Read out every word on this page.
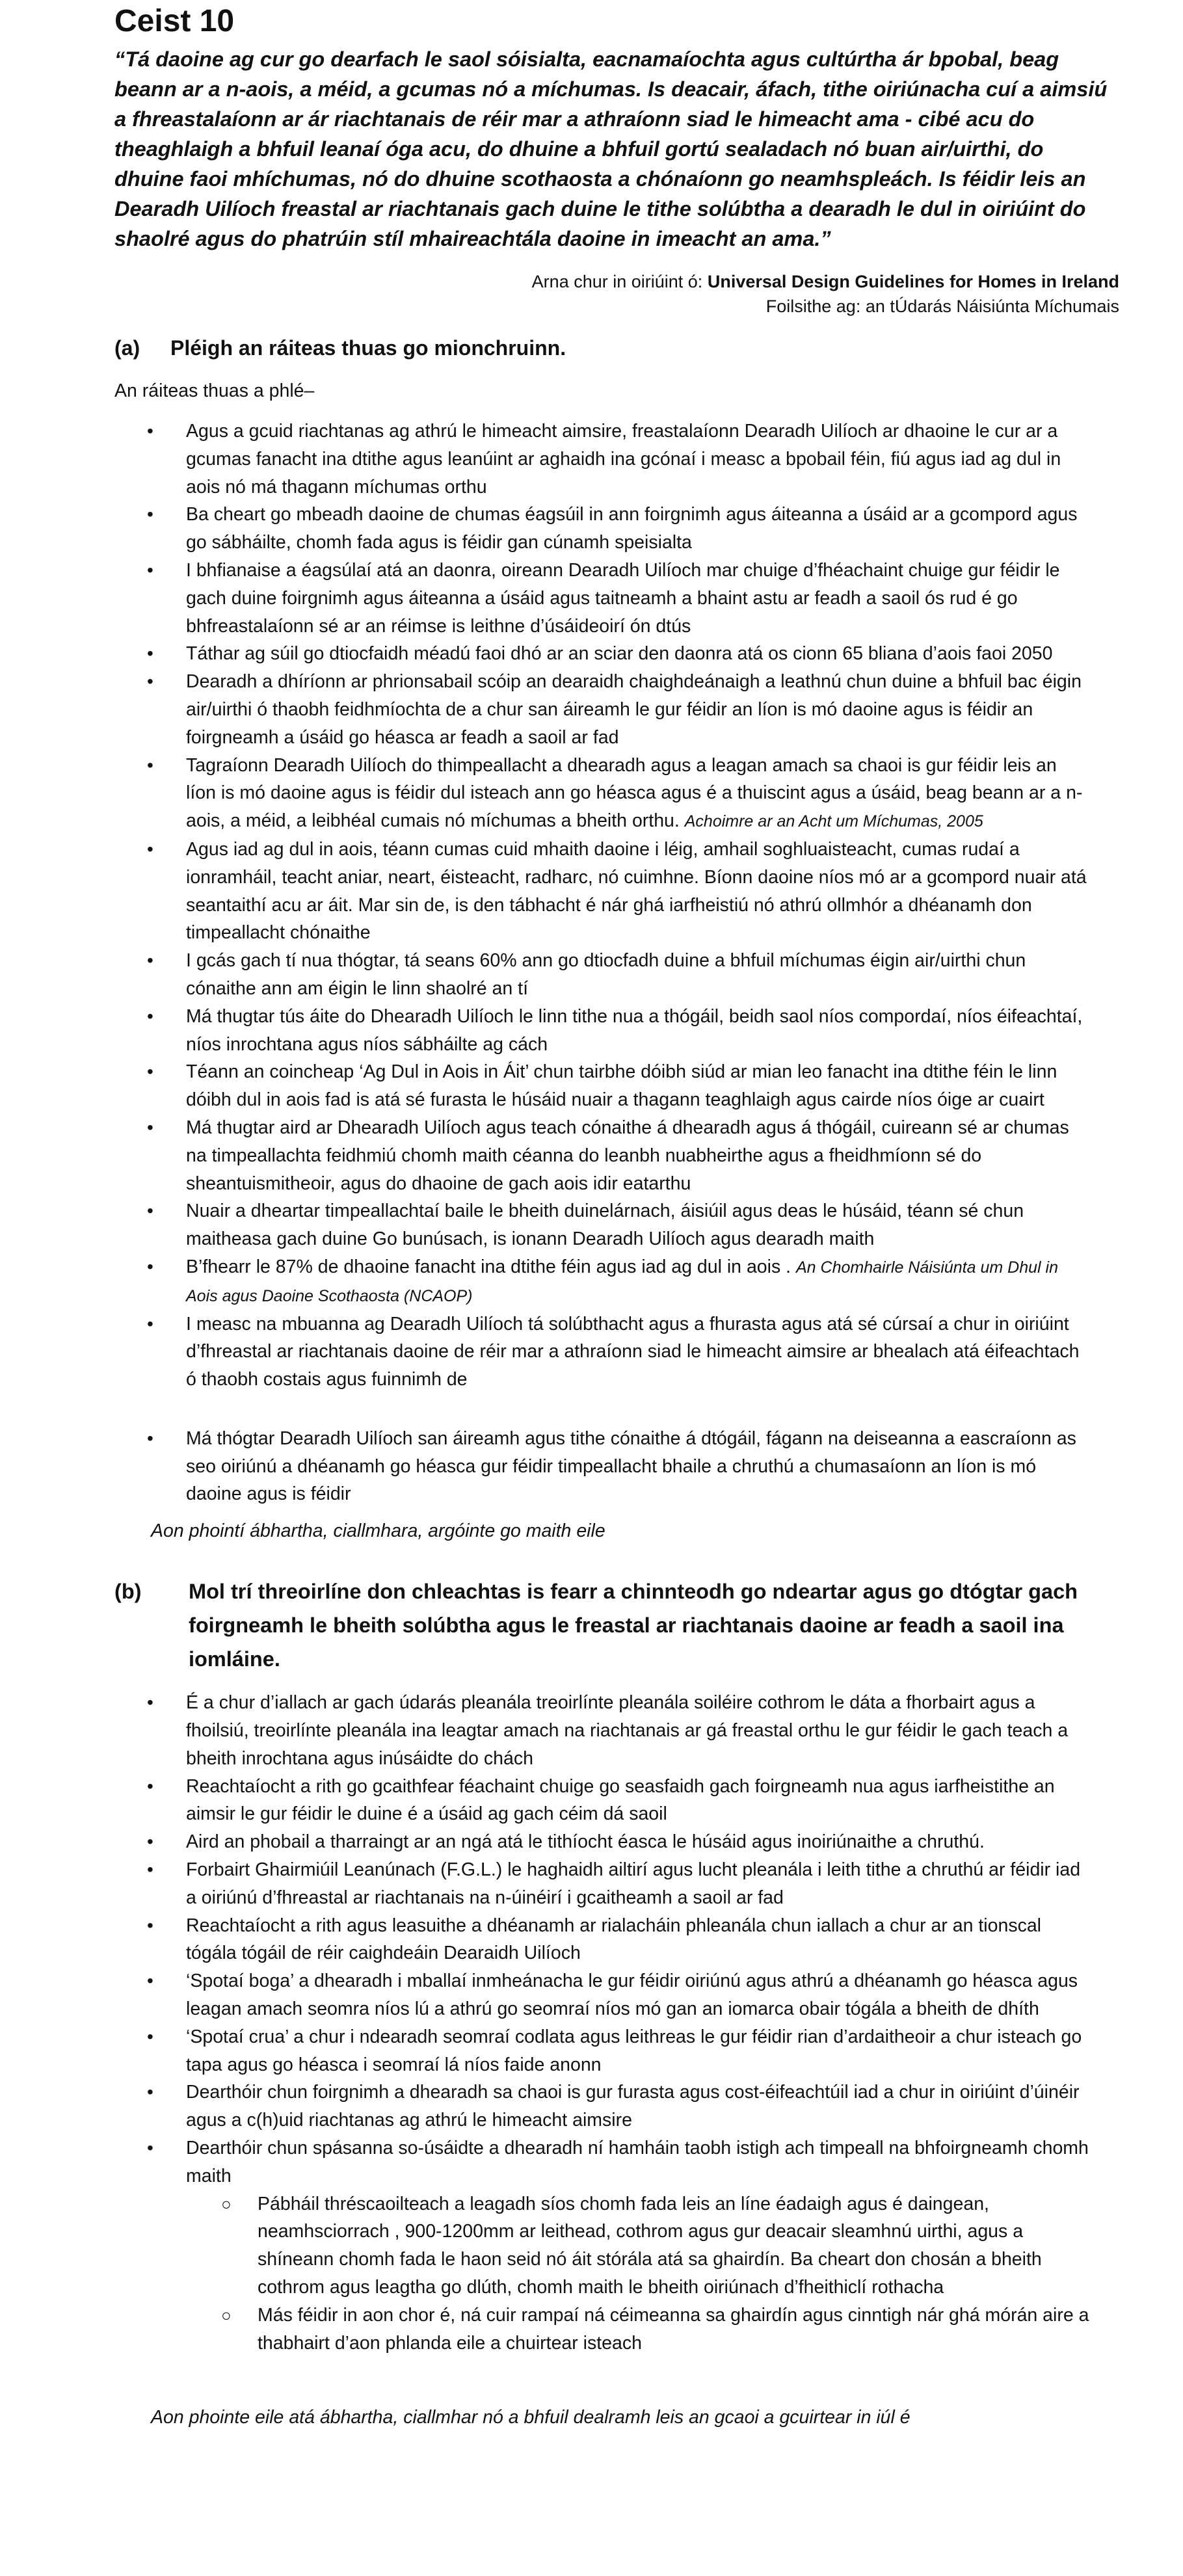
Ceist 10
“Tá daoine ag cur go dearfach le saol sóisialta, eacnamaíochta agus cultúrtha ár bpobal, beag beann ar a n-aois, a méid, a gcumas nó a míchumas. Is deacair, áfach, tithe oiriúnacha cuí a aimsiú a fhreastalaíonn ar ár riachtanais de réir mar a athraíonn siad le himeacht ama - cibé acu do theaghlaigh a bhfuil leanaí óga acu, do dhuine a bhfuil gortú sealadach nó buan air/uirthi, do dhuine faoi mhíchumas, nó do dhuine scothaosta a chónaíonn go neamhspleách. Is féidir leis an Dearadh Uilíoch freastal ar riachtanais gach duine le tithe solúbtha a dearadh le dul in oiriúint do shaolré agus do phatrúin stíl mhaireachtála daoine in imeacht an ama.”
Arna chur in oiriúint ó: Universal Design Guidelines for Homes in Ireland
Foilsithe ag: an tÚdarás Náisiúnta Míchumais
(a)	Pléigh an ráiteas thuas go mionchruinn.
An ráiteas thuas a phlé–
• Agus a gcuid riachtanas ag athrú le himeacht aimsire, freastalaíonn Dearadh Uilíoch ar dhaoine le cur ar a gcumas fanacht ina dtithe agus leanúint ar aghaidh ina gcónaí i measc a bpobail féin, fiú agus iad ag dul in aois nó má thagann míchumas orthu
• Ba cheart go mbeadh daoine de chumas éagsúil in ann foirgnimh agus áiteanna a úsáid ar a gcompord agus go sábháilte, chomh fada agus is féidir gan cúnamh speisialta
• I bhfianaise a éagsúlaí atá an daonra, oireann Dearadh Uilíoch mar chuige d’fhéachaint chuige gur féidir le gach duine foirgnimh agus áiteanna a úsáid agus taitneamh a bhaint astu ar feadh a saoil ós rud é go bhfreastalaíonn sé ar an réimse is leithne d’úsáideoirí ón dtús
• Táthar ag súil go dtiocfaidh méadú faoi dhó ar an sciar den daonra atá os cionn 65 bliana d’aois faoi 2050
• Dearadh a dhíríonn ar phrionsabail scóip an dearaidh chaighdeánaigh a leathnú chun duine a bhfuil bac éigin air/uirthi ó thaobh feidhmíochta de a chur san áireamh le gur féidir an líon is mó daoine agus is féidir an foirgneamh a úsáid go héasca ar feadh a saoil ar fad
• Tagraíonn Dearadh Uilíoch do thimpeallacht a dhearadh agus a leagan amach sa chaoi is gur féidir leis an líon is mó daoine agus is féidir dul isteach ann go héasca agus é a thuiscint agus a úsáid, beag beann ar a n-aois, a méid, a leibhéal cumais nó míchumas a bheith orthu. Achoimre ar an Acht um Míchumas, 2005
• Agus iad ag dul in aois, téann cumas cuid mhaith daoine i léig, amhail soghluaisteacht, cumas rudaí a ionramháil, teacht aniar, neart, éisteacht, radharc, nó cuimhne. Bíonn daoine níos mó ar a gcompord nuair atá seantaithí acu ar áit. Mar sin de, is den tábhacht é nár ghá iarfheistiú nó athrú ollmhór a dhéanamh don timpeallacht chónaithe
• I gcás gach tí nua thógtar, tá seans 60% ann go dtiocfadh duine a bhfuil míchumas éigin air/uirthi chun cónaithe ann am éigin le linn shaolré an tí
• Má thugtar tús áite do Dhearadh Uilíoch le linn tithe nua a thógáil, beidh saol níos compordaí, níos éifeachtaí, níos inrochtana agus níos sábháilte ag cách
• Téann an coincheap ‘Ag Dul in Aois in Áit’ chun tairbhe dóibh siúd ar mian leo fanacht ina dtithe féin le linn dóibh dul in aois fad is atá sé furasta le húsáid nuair a thagann teaghlaigh agus cairde níos óige ar cuairt
• Má thugtar aird ar Dhearadh Uilíoch agus teach cónaithe á dhearadh agus á thógáil, cuireann sé ar chumas na timpeallachta feidhmiú chomh maith céanna do leanbh nuabheirthe agus a fheidhmíonn sé do sheantuismitheoir, agus do dhaoine de gach aois idir eatarthu
• Nuair a dheartar timpeallachtaí baile le bheith duinelárnach, áisiúil agus deas le húsáid, téann sé chun maitheasa gach duine Go bunúsach, is ionann Dearadh Uilíoch agus dearadh maith
• B’fhearr le 87% de dhaoine fanacht ina dtithe féin agus iad ag dul in aois . An Chomhairle Náisiúnta um Dhul in Aois agus Daoine Scothaosta (NCAOP)
• I measc na mbuanna ag Dearadh Uilíoch tá solúbthacht agus a fhurasta agus atá sé cúrsaí a chur in oiriúint d’fhreastal ar riachtanais daoine de réir mar a athraíonn siad le himeacht aimsire ar bhealach atá éifeachtach ó thaobh costais agus fuinnimh de
• Má thógtar Dearadh Uilíoch san áireamh agus tithe cónaithe á dtógáil, fágann na deiseanna a eascraíonn as seo oiriúnú a dhéanamh go héasca gur féidir timpeallacht bhaile a chruthú a chumasaíonn an líon is mó daoine agus is féidir
Aon phointí ábhartha, ciallmhara, argóinte go maith eile
(b)	Mol trí threoirlíne don chleachtas is fearr a chinnteodh go ndeartar agus go dtógtar gach foirgneamh le bheith solúbtha agus le freastal ar riachtanais daoine ar feadh a saoil ina iomláine.
• É a chur d’iallach ar gach údarás pleanála treoirlínte pleanála soiléire cothrom le dáta a fhorbairt agus a fhoilsiú, treoirlínte pleanála ina leagtar amach na riachtanais ar gá freastal orthu le gur féidir le gach teach a bheith inrochtana agus inúsáidte do chách
• Reachtaíocht a rith go gcaithfear féachaint chuige go seasfaidh gach foirgneamh nua agus iarfheistithe an aimsir le gur féidir le duine é a úsáid ag gach céim dá saoil
• Aird an phobail a tharraingt ar an ngá atá le tithíocht éasca le húsáid agus inoiriúnaithe a chruthú.
• Forbairt Ghairmiúil Leanúnach (F.G.L.) le haghaidh ailtirí agus lucht pleanála i leith tithe a chruthú ar féidir iad a oiriúnú d’fhreastal ar riachtanais na n-úinéirí i gcaitheamh a saoil ar fad
• Reachtaíocht a rith agus leasuithe a dhéanamh ar rialacháin phleanála chun iallach a chur ar an tionscal tógála tógáil de réir caighdeáin Dearaidh Uilíoch
• ‘Spotaí boga’ a dhearadh i mballaí inmheánacha le gur féidir oiriúnú agus athrú a dhéanamh go héasca agus leagan amach seomra níos lú a athrú go seomraí níos mó gan an iomarca obair tógála a bheith de dhíth
• ‘Spotaí crua’ a chur i ndearadh seomraí codlata agus leithreas le gur féidir rian d’ardaitheoir a chur isteach go tapa agus go héasca i seomraí lá níos faide anonn
• Dearthóir chun foirgnimh a dhearadh sa chaoi is gur furasta agus cost-éifeachtúil iad a chur in oiriúint d’úinéir agus a c(h)uid riachtanas ag athrú le himeacht aimsire
• Dearthóir chun spásanna so-úsáidte a dhearadh ní hamháin taobh istigh ach timpeall na bhfoirgneamh chomh maith
○ Pábháil thréscaoilteach a leagadh síos chomh fada leis an líne éadaigh agus é daingean, neamhsciorrach , 900-1200mm ar leithead, cothrom agus gur deacair sleamhnú uirthi, agus a shíneann chomh fada le haon seid nó áit stórála atá sa ghairdín. Ba cheart don chosán a bheith cothrom agus leagtha go dlúth, chomh maith le bheith oiriúnach d’fheithiclí rothacha
○ Más féidir in aon chor é, ná cuir rampaí ná céimeanna sa ghairdín agus cinntigh nár ghá mórán aire a thabhairt d’aon phlanda eile a chuirtear isteach
Aon phointe eile atá ábhartha, ciallmhar nó a bhfuil dealramh leis an gcaoi a gcuirtear in iúl é
